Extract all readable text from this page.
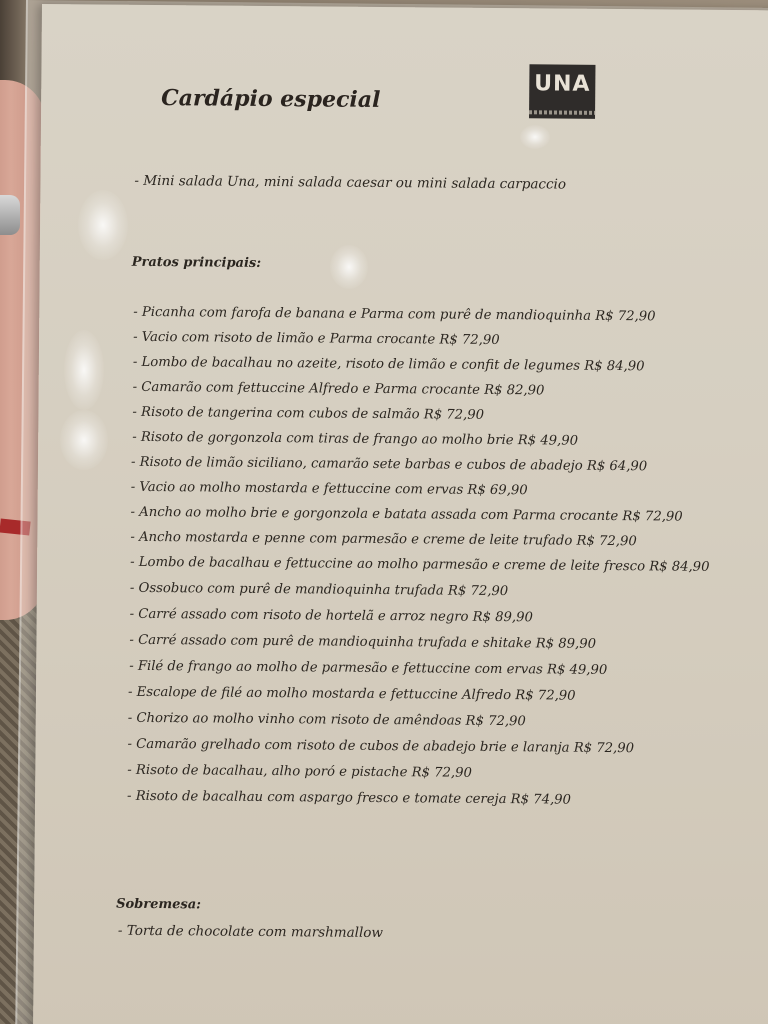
Cardápio especial
UNA
- Mini salada Una, mini salada caesar ou mini salada carpaccio
Pratos principais:
- Picanha com farofa de banana e Parma com purê de mandioquinha R$ 72,90
- Vacio com risoto de limão e Parma crocante R$ 72,90
- Lombo de bacalhau no azeite, risoto de limão e confit de legumes R$ 84,90
- Camarão com fettuccine Alfredo e Parma crocante R$ 82,90
- Risoto de tangerina com cubos de salmão R$ 72,90
- Risoto de gorgonzola com tiras de frango ao molho brie R$ 49,90
- Risoto de limão siciliano, camarão sete barbas e cubos de abadejo R$ 64,90
- Vacio ao molho mostarda e fettuccine com ervas R$ 69,90
- Ancho ao molho brie e gorgonzola e batata assada com Parma crocante R$ 72,90
- Ancho mostarda e penne com parmesão e creme de leite trufado R$ 72,90
- Lombo de bacalhau e fettuccine ao molho parmesão e creme de leite fresco R$ 84,90
- Ossobuco com purê de mandioquinha trufada R$ 72,90
- Carré assado com risoto de hortelã e arroz negro R$ 89,90
- Carré assado com purê de mandioquinha trufada e shitake R$ 89,90
- Filé de frango ao molho de parmesão e fettuccine com ervas R$ 49,90
- Escalope de filé ao molho mostarda e fettuccine Alfredo R$ 72,90
- Chorizo ao molho vinho com risoto de amêndoas R$ 72,90
- Camarão grelhado com risoto de cubos de abadejo brie e laranja R$ 72,90
- Risoto de bacalhau, alho poró e pistache R$ 72,90
- Risoto de bacalhau com aspargo fresco e tomate cereja R$ 74,90
Sobremesa:
- Torta de chocolate com marshmallow
